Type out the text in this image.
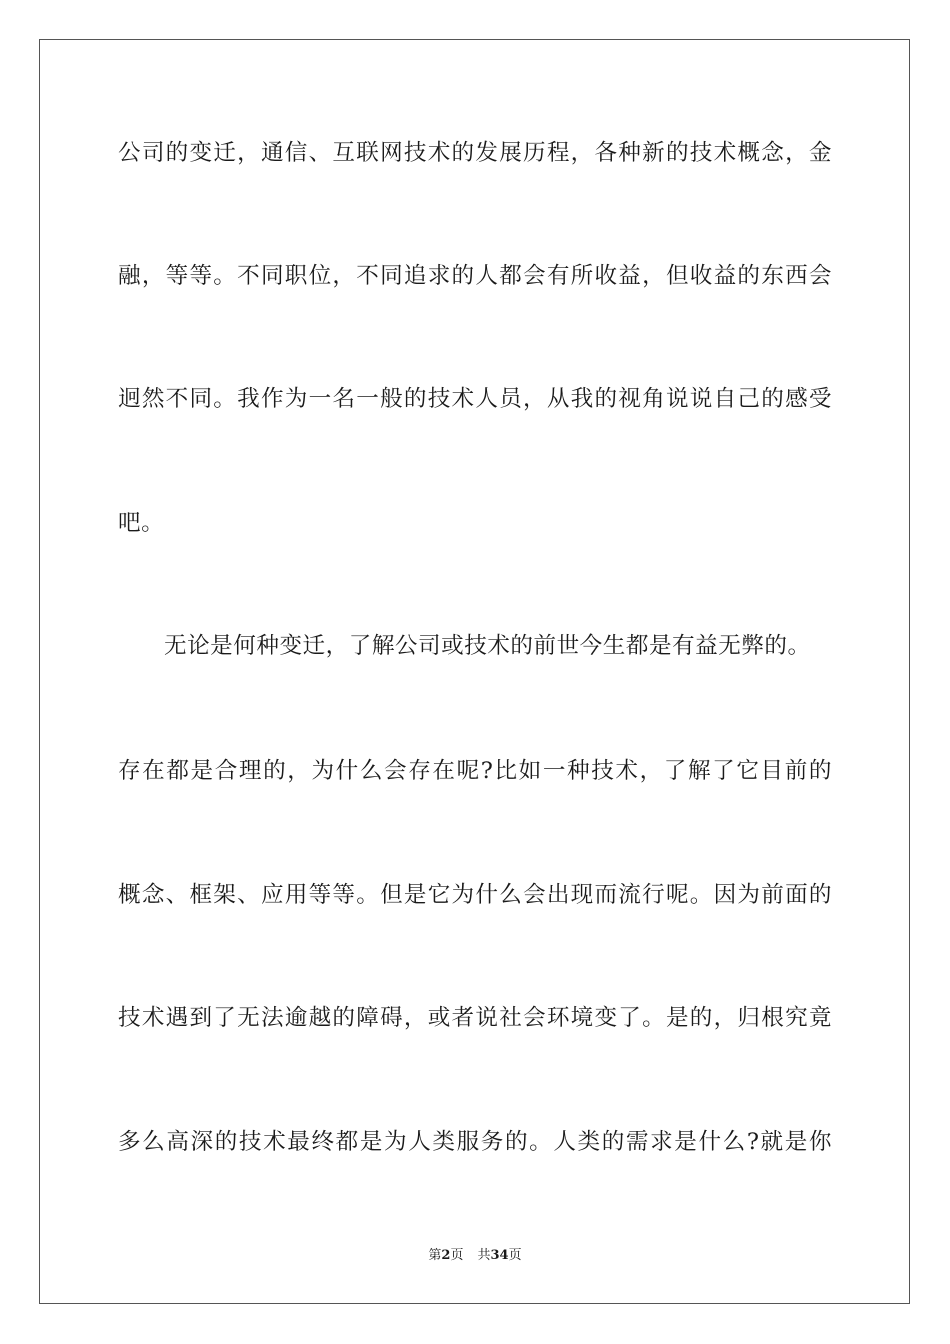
公司的变迁，通信、互联网技术的发展历程，各种新的技术概念，金
融，等等。不同职位，不同追求的人都会有所收益，但收益的东西会
迥然不同。我作为一名一般的技术人员，从我的视角说说自己的感受
吧。
无论是何种变迁，了解公司或技术的前世今生都是有益无弊的。
存在都是合理的，为什么会存在呢?比如一种技术，了解了它目前的
概念、框架、应用等等。但是它为什么会出现而流行呢。因为前面的
技术遇到了无法逾越的障碍，或者说社会环境变了。是的，归根究竟
多么高深的技术最终都是为人类服务的。人类的需求是什么?就是你
第2页 共34页
